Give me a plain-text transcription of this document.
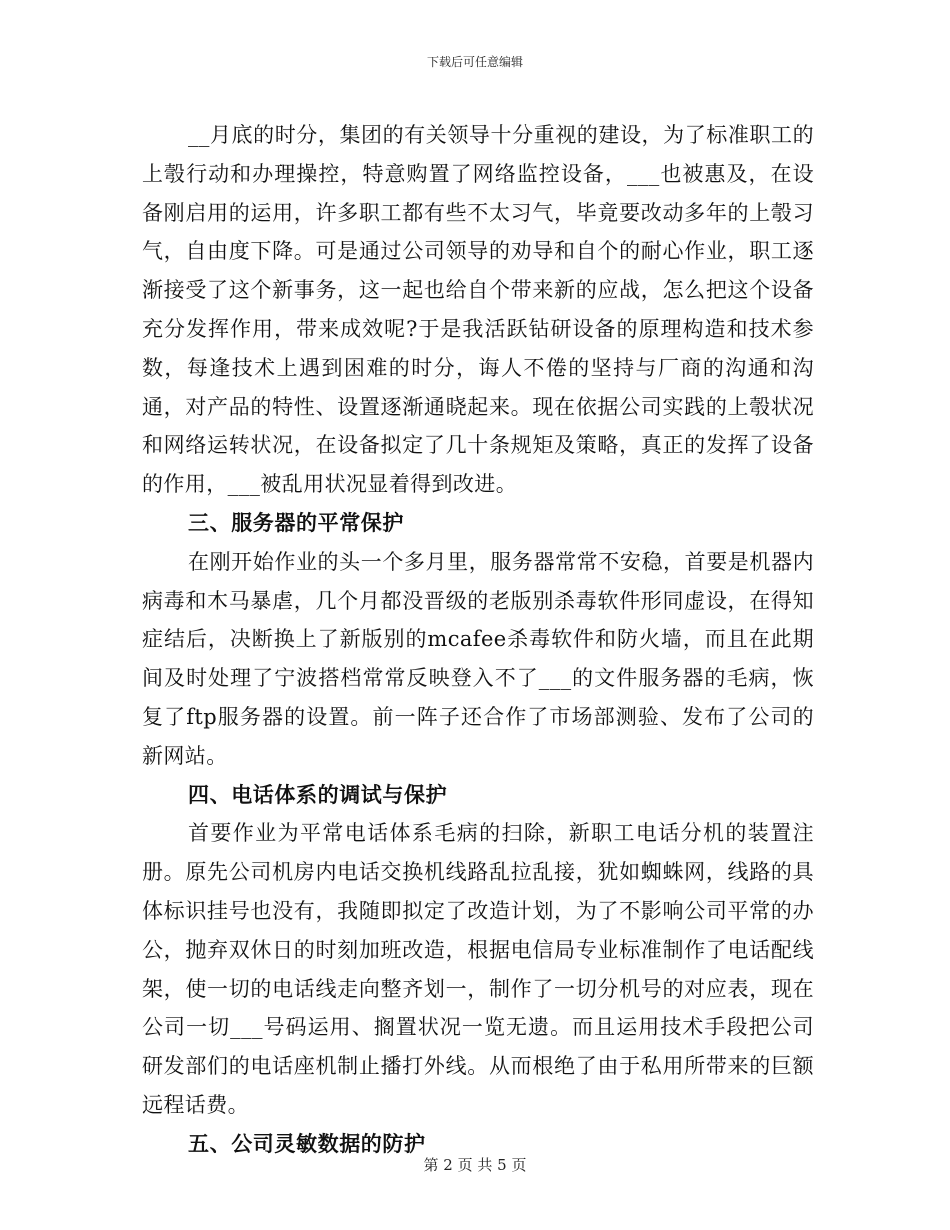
下载后可任意编辑

__月底的时分，集团的有关领导十分重视的建设，为了标准职工的上彀行动和办理操控，特意购置了网络监控设备，___也被惠及，在设备刚启用的运用，许多职工都有些不太习气，毕竟要改动多年的上彀习气，自由度下降。可是通过公司领导的劝导和自个的耐心作业，职工逐渐接受了这个新事务，这一起也给自个带来新的应战，怎么把这个设备充分发挥作用，带来成效呢?于是我活跃钻研设备的原理构造和技术参数，每逢技术上遇到困难的时分，诲人不倦的坚持与厂商的沟通和沟通，对产品的特性、设置逐渐通晓起来。现在依据公司实践的上彀状况和网络运转状况，在设备拟定了几十条规矩及策略，真正的发挥了设备的作用，___被乱用状况显着得到改进。

三、服务器的平常保护

在刚开始作业的头一个多月里，服务器常常不安稳，首要是机器内病毒和木马暴虐，几个月都没晋级的老版别杀毒软件形同虚设，在得知症结后，决断换上了新版别的mcafee杀毒软件和防火墙，而且在此期间及时处理了宁波搭档常常反映登入不了___的文件服务器的毛病，恢复了ftp服务器的设置。前一阵子还合作了市场部测验、发布了公司的新网站。

四、电话体系的调试与保护

首要作业为平常电话体系毛病的扫除，新职工电话分机的装置注册。原先公司机房内电话交换机线路乱拉乱接，犹如蜘蛛网，线路的具体标识挂号也没有，我随即拟定了改造计划，为了不影响公司平常的办公，抛弃双休日的时刻加班改造，根据电信局专业标准制作了电话配线架，使一切的电话线走向整齐划一，制作了一切分机号的对应表，现在公司一切___号码运用、搁置状况一览无遗。而且运用技术手段把公司研发部们的电话座机制止播打外线。从而根绝了由于私用所带来的巨额远程话费。

五、公司灵敏数据的防护

第 2 页 共 5 页
